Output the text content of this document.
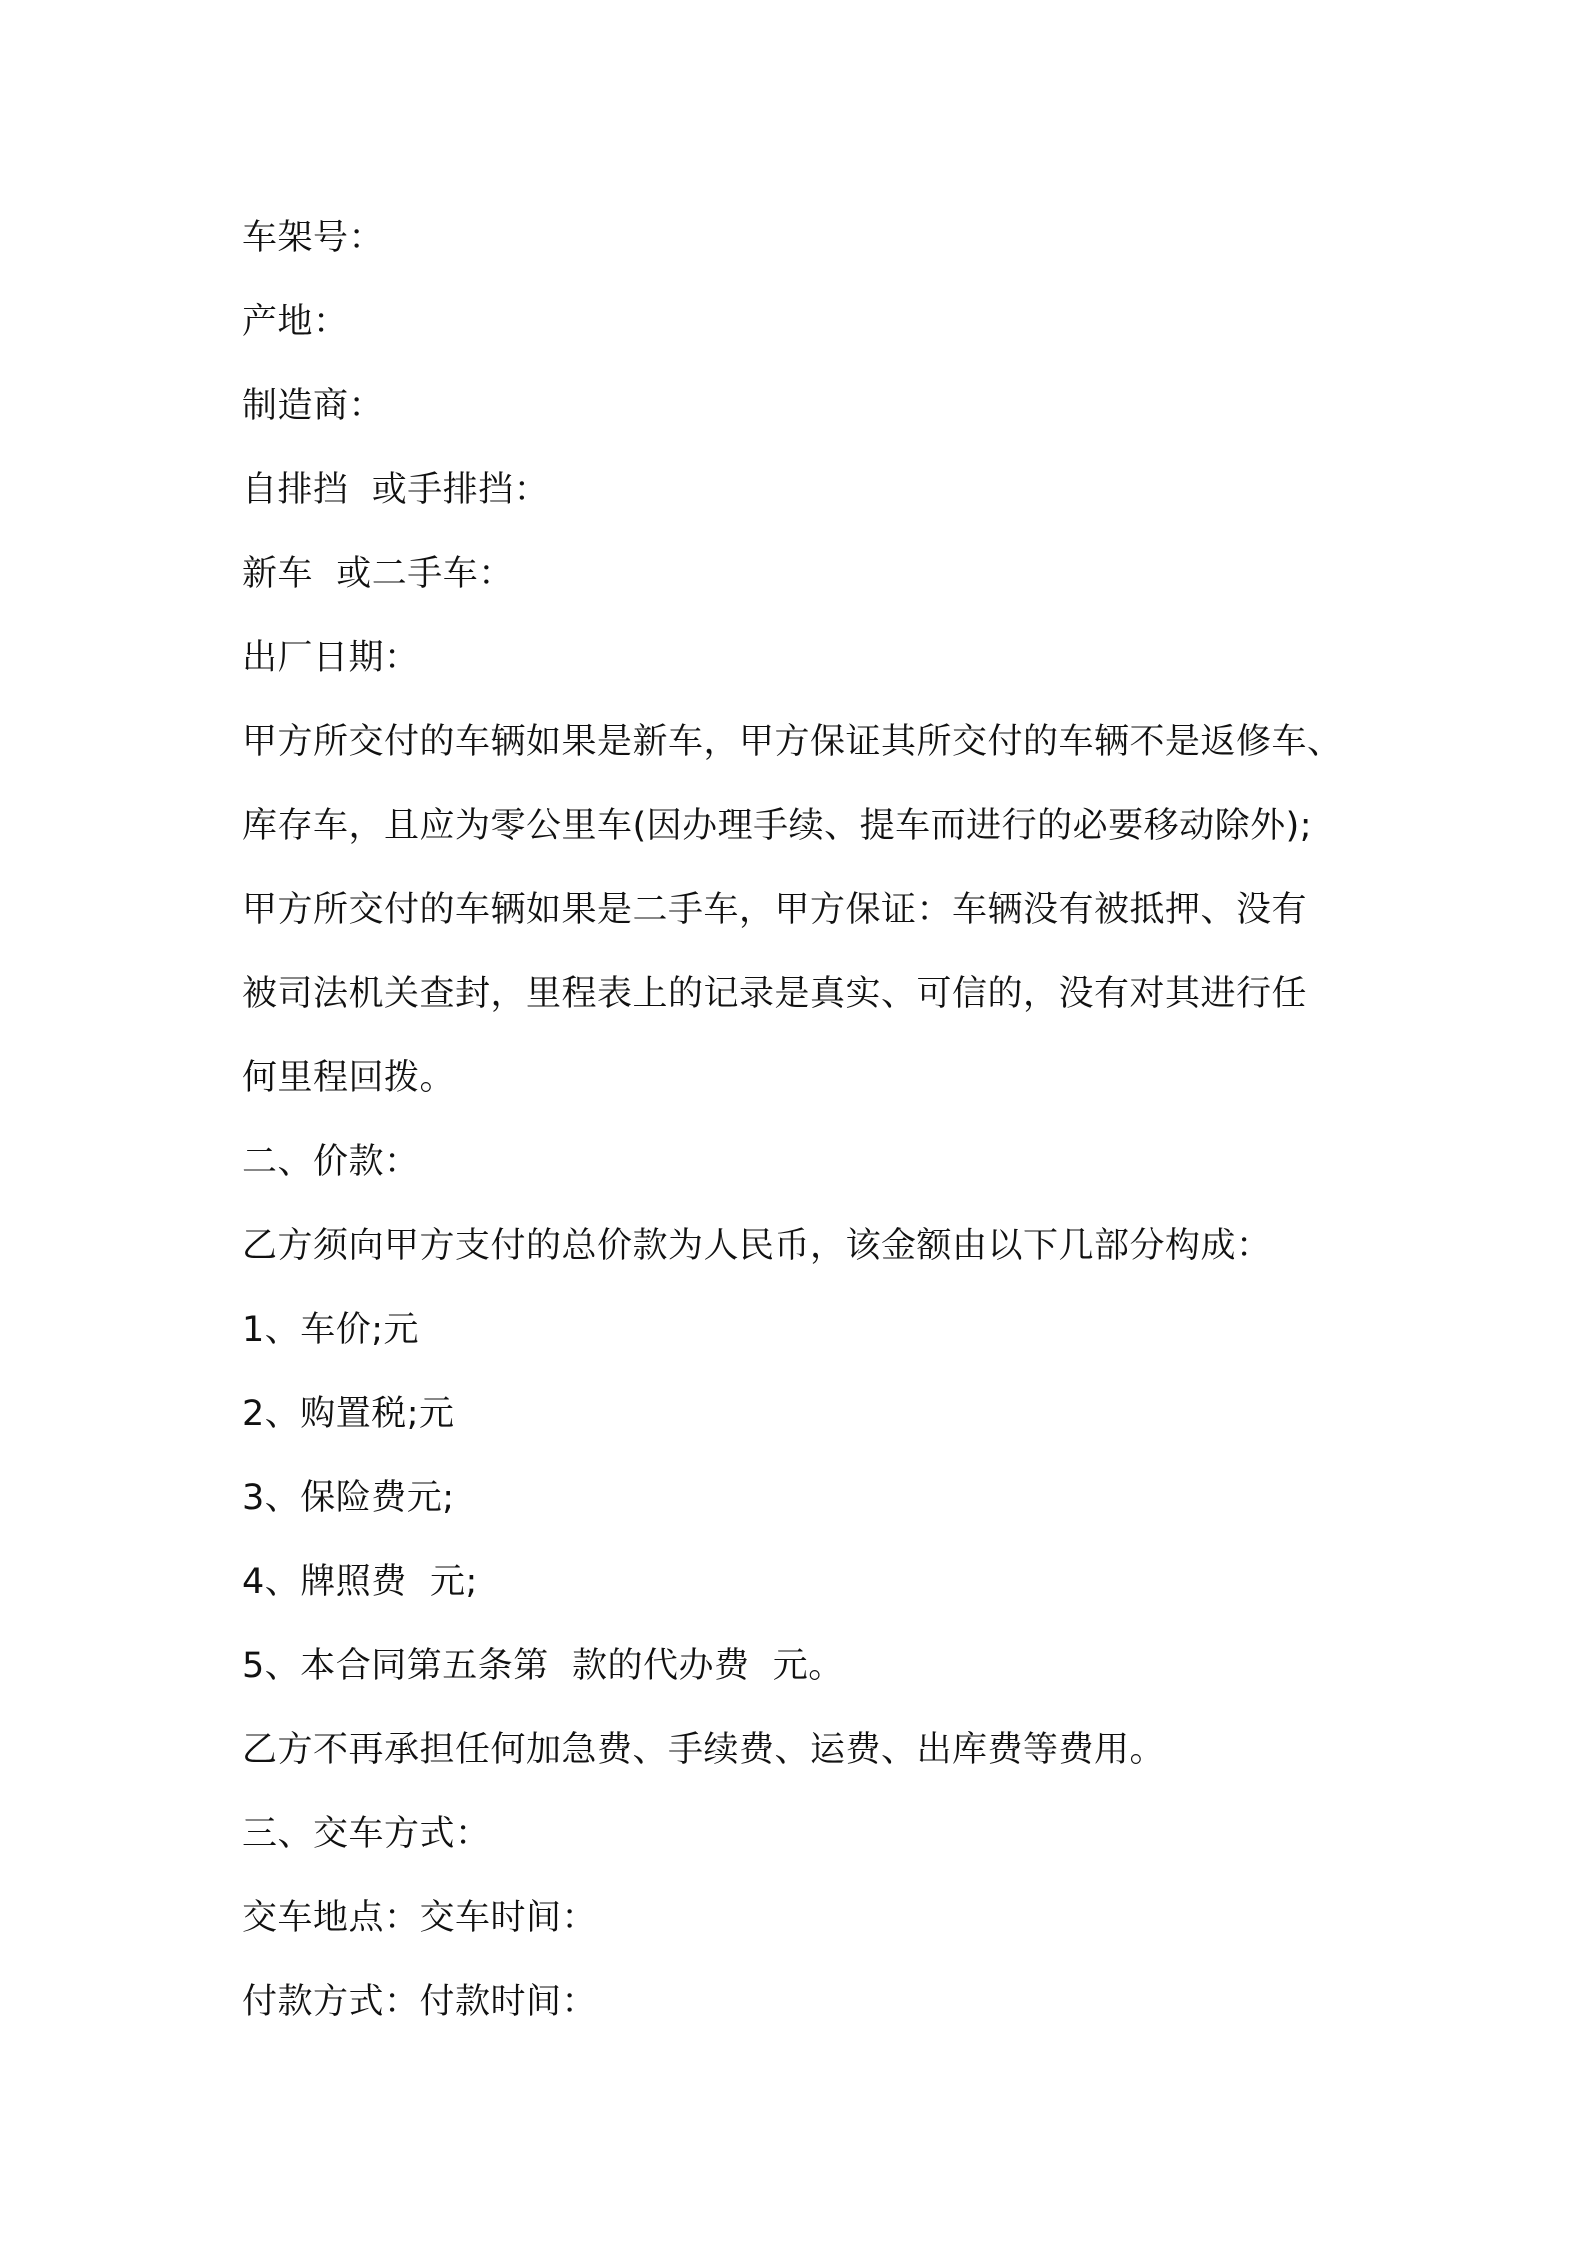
车架号：
产地：
制造商：
自排挡  或手排挡：
新车  或二手车：
出厂日期：
甲方所交付的车辆如果是新车，甲方保证其所交付的车辆不是返修车、
库存车，且应为零公里车(因办理手续、提车而进行的必要移动除外);
甲方所交付的车辆如果是二手车，甲方保证：车辆没有被抵押、没有
被司法机关查封，里程表上的记录是真实、可信的，没有对其进行任
何里程回拨。
二、价款：
乙方须向甲方支付的总价款为人民币，该金额由以下几部分构成：
1、车价;元
2、购置税;元
3、保险费元;
4、牌照费  元;
5、本合同第五条第  款的代办费  元。
乙方不再承担任何加急费、手续费、运费、出库费等费用。
三、交车方式：
交车地点：交车时间：
付款方式：付款时间：
